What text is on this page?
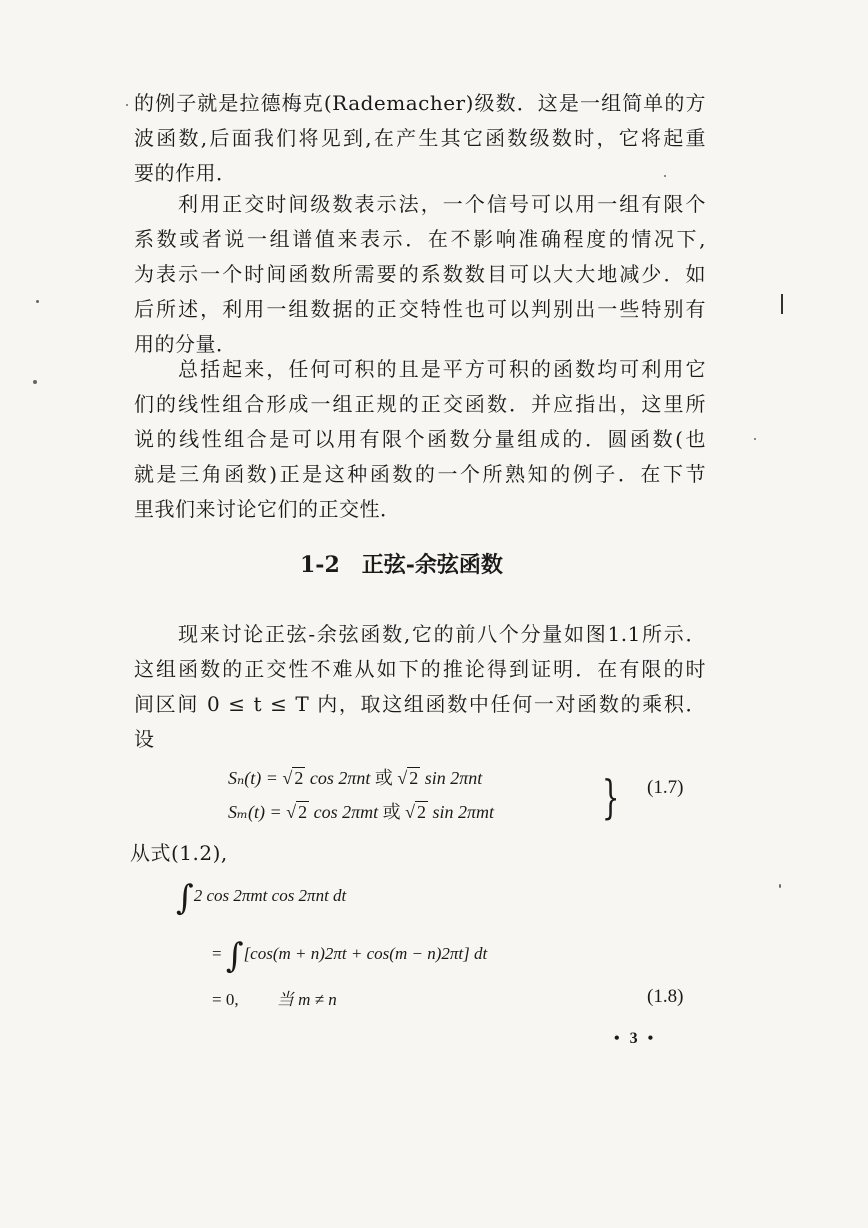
的例子就是拉德梅克(Rademacher)级数．这是一组简单的方
波函数,后面我们将见到,在产生其它函数级数时，它将起重
要的作用．
利用正交时间级数表示法，一个信号可以用一组有限个
系数或者说一组谱值来表示．在不影响准确程度的情况下,
为表示一个时间函数所需要的系数数目可以大大地减少．如
后所述，利用一组数据的正交特性也可以判别出一些特别有
用的分量．
总括起来，任何可积的且是平方可积的函数均可利用它
们的线性组合形成一组正规的正交函数．并应指出，这里所
说的线性组合是可以用有限个函数分量组成的．圆函数(也
就是三角函数)正是这种函数的一个所熟知的例子．在下节
里我们来讨论它们的正交性．
1-2 正弦-余弦函数
现来讨论正弦-余弦函数,它的前八个分量如图1.1所示．
这组函数的正交性不难从如下的推论得到证明．在有限的时
间区间 0 ≤ t ≤ T 内，取这组函数中任何一对函数的乘积．
设
Sₙ(t) = √ 2 cos 2πnt 或 √ 2 sin 2πnt
Sₘ(t) = √ 2 cos 2πmt 或 √ 2 sin 2πmt } (1.7)
从式(1.2),
∫2 cos 2πmt cos 2πnt dt
= ∫[cos(m + n)2πt + cos(m − n)2πt] dt
= 0, 当 m ≠ n	(1.8)
• 3 •
